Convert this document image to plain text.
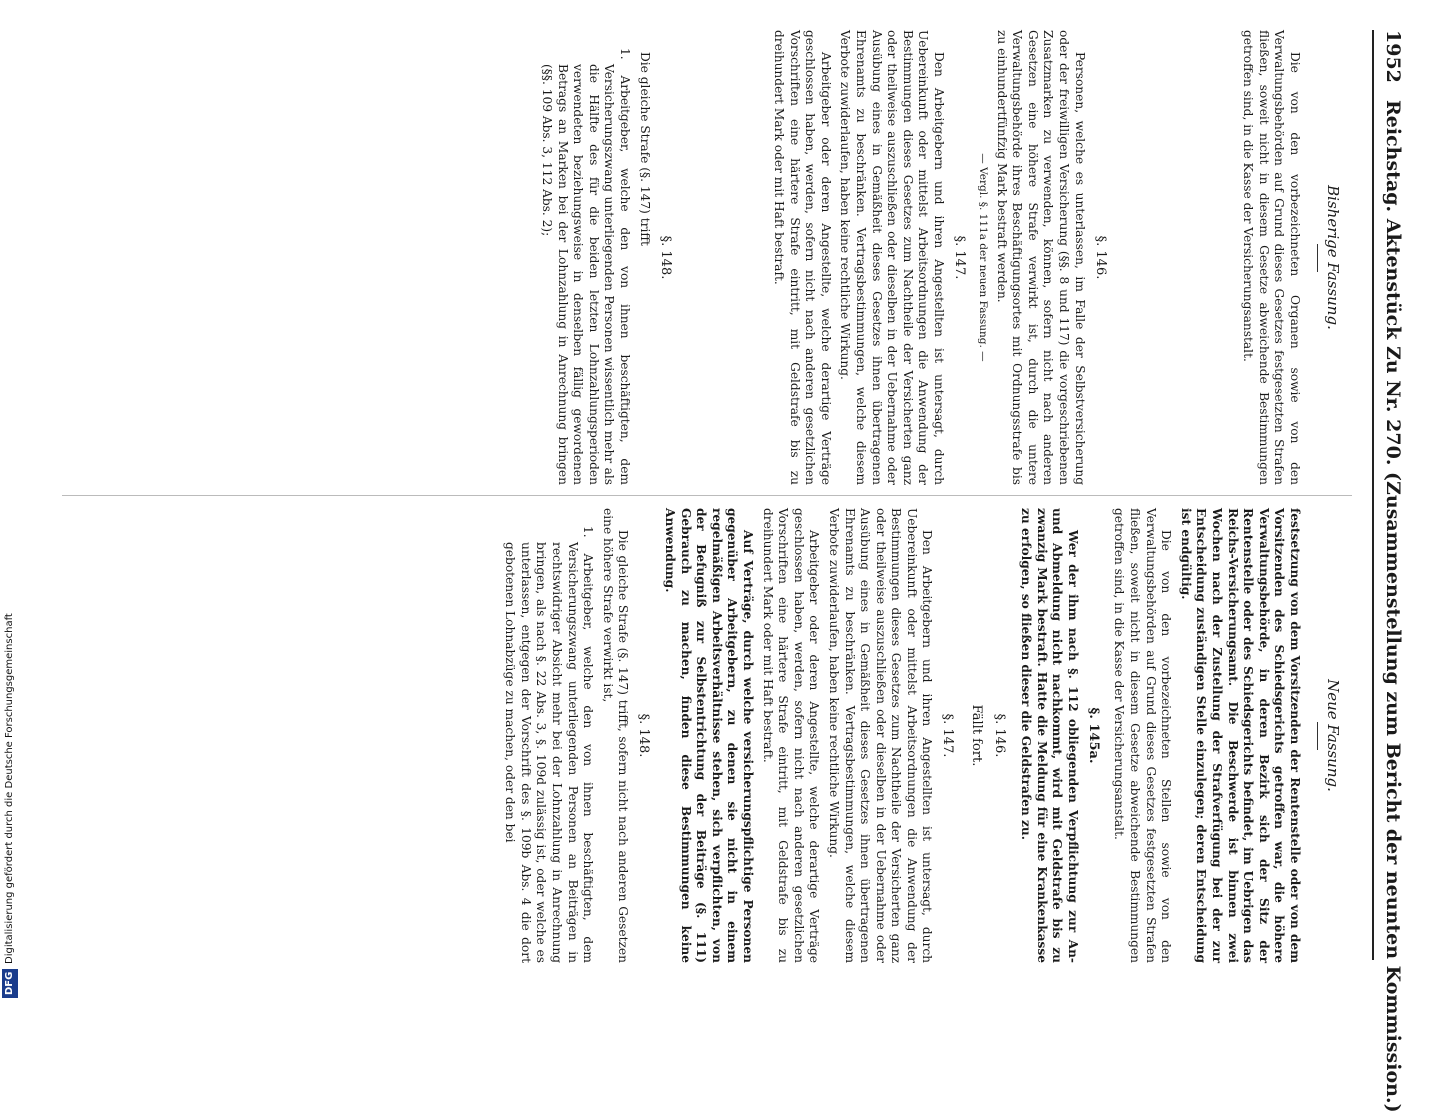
1952
Reichstag. Aktenstück Zu Nr. 270. (Zusammenstellung zum Bericht der neunten Kommission.)
Bisherige Fassung.
Neue Fassung.

Die von den vorbezeichneten Organen sowie von den Verwaltungsbehörden auf Grund dieses Gesetzes festgesetzten Strafen fließen, soweit nicht in diesem Gesetze abweichende Bestimmungen getroffen sind, in die Kasse der Versicherungsanstalt.

§. 146.

Personen, welche es unterlassen, im Falle der Selbstversicherung oder der freiwilligen Versicherung (§§. 8 und 117) die vorgeschriebenen Zusatzmarken zu verwenden, können, sofern nicht nach anderen Gesetzen eine höhere Strafe verwirkt ist, durch die untere Verwaltungsbehörde ihres Beschäftigungsortes mit Ordnungsstrafe bis zu einhundertfünfzig Mark bestraft werden.

— Vergl. §. 111a der neuen Fassung. —
§. 147.

Den Arbeitgebern und ihren Angestellten ist untersagt, durch Uebereinkunft oder mittelst Arbeitsordnungen die Anwendung der Bestimmungen dieses Gesetzes zum Nachtheile der Versicherten ganz oder theilweise auszuschließen oder dieselben in der Uebernahme oder Ausübung eines in Gemäßheit dieses Gesetzes ihnen übertragenen Ehrenamts zu beschränken. Vertragsbestimmungen, welche diesem Verbote zuwiderlaufen, haben keine rechtliche Wirkung.

Arbeitgeber oder deren Angestellte, welche derartige Verträge geschlossen haben, werden, sofern nicht nach anderen gesetzlichen Vorschriften eine härtere Strafe eintritt, mit Geldstrafe bis zu dreihundert Mark oder mit Haft bestraft.

§. 148.

Die gleiche Strafe (§. 147) trifft

1. Arbeitgeber, welche den von ihnen beschäftigten, dem Versicherungszwang unterliegenden Personen wissentlich mehr als die Hälfte des für die beiden letzten Lohnzahlungsperioden verwendeten beziehungsweise in denselben fällig gewordenen Betrags an Marken bei der Lohnzahlung in Anrechnung bringen (§§. 109 Abs. 3, 112 Abs. 2);

festsetzung von dem Vorsitzenden der Rentenstelle oder von dem Vorsitzenden des Schiedsgerichts getroffen war, die höhere Verwaltungsbehörde, in deren Bezirk sich der Sitz der Rentenstelle oder des Schiedsgerichts befindet, im Uebrigen das Reichs-Versicherungsamt. Die Beschwerde ist binnen zwei Wochen nach der Zustellung der Strafverfügung bei der zur Entscheidung zuständigen Stelle einzulegen; deren Entscheidung ist endgültig.

Die von den vorbezeichneten Stellen sowie von den Verwaltungsbehörden auf Grund dieses Gesetzes festgesetzten Strafen fließen, soweit nicht in diesem Gesetze abweichende Bestimmungen getroffen sind, in die Kasse der Versicherungsanstalt.

§. 145a.

Wer der ihm nach §. 112 obliegenden Verpflichtung zur An- und Abmeldung nicht nachkommt, wird mit Geldstrafe bis zu zwanzig Mark bestraft. Hatte die Meldung für eine Krankenkasse zu erfolgen, so fließen dieser die Geldstrafen zu.

§. 146.
Fällt fort.
§. 147.

Den Arbeitgebern und ihren Angestellten ist untersagt, durch Uebereinkunft oder mittelst Arbeitsordnungen die Anwendung der Bestimmungen dieses Gesetzes zum Nachtheile der Versicherten ganz oder theilweise auszuschließen oder dieselben in der Uebernahme oder Ausübung eines in Gemäßheit dieses Gesetzes ihnen übertragenen Ehrenamts zu beschränken. Vertragsbestimmungen, welche diesem Verbote zuwiderlaufen, haben keine rechtliche Wirkung.

Arbeitgeber oder deren Angestellte, welche derartige Verträge geschlossen haben, werden, sofern nicht nach anderen gesetzlichen Vorschriften eine härtere Strafe eintritt, mit Geldstrafe bis zu dreihundert Mark oder mit Haft bestraft.

Auf Verträge, durch welche versicherungspflichtige Personen gegenüber Arbeitgebern, zu denen sie nicht in einem regelmäßigen Arbeitsverhältnisse stehen, sich verpflichten, von der Befugniß zur Selbstentrichtung der Beiträge (§. 111) Gebrauch zu machen, finden diese Bestimmungen keine Anwendung.

§. 148.

Die gleiche Strafe (§. 147) trifft, sofern nicht nach anderen Gesetzen eine höhere Strafe verwirkt ist,

1. Arbeitgeber, welche den von ihnen beschäftigten, dem Versicherungszwang unterliegenden Personen an Beiträgen in rechtswidriger Absicht mehr bei der Lohnzahlung in Anrechnung bringen, als nach §. 22 Abs. 3, §. 109d zulässig ist, oder welche es unterlassen, entgegen der Vorschrift des §. 109b Abs. 4 die dort gebotenen Lohnabzüge zu machen, oder den bei

DFG
Digitalisierung gefördert durch die Deutsche Forschungsgemeinschaft
